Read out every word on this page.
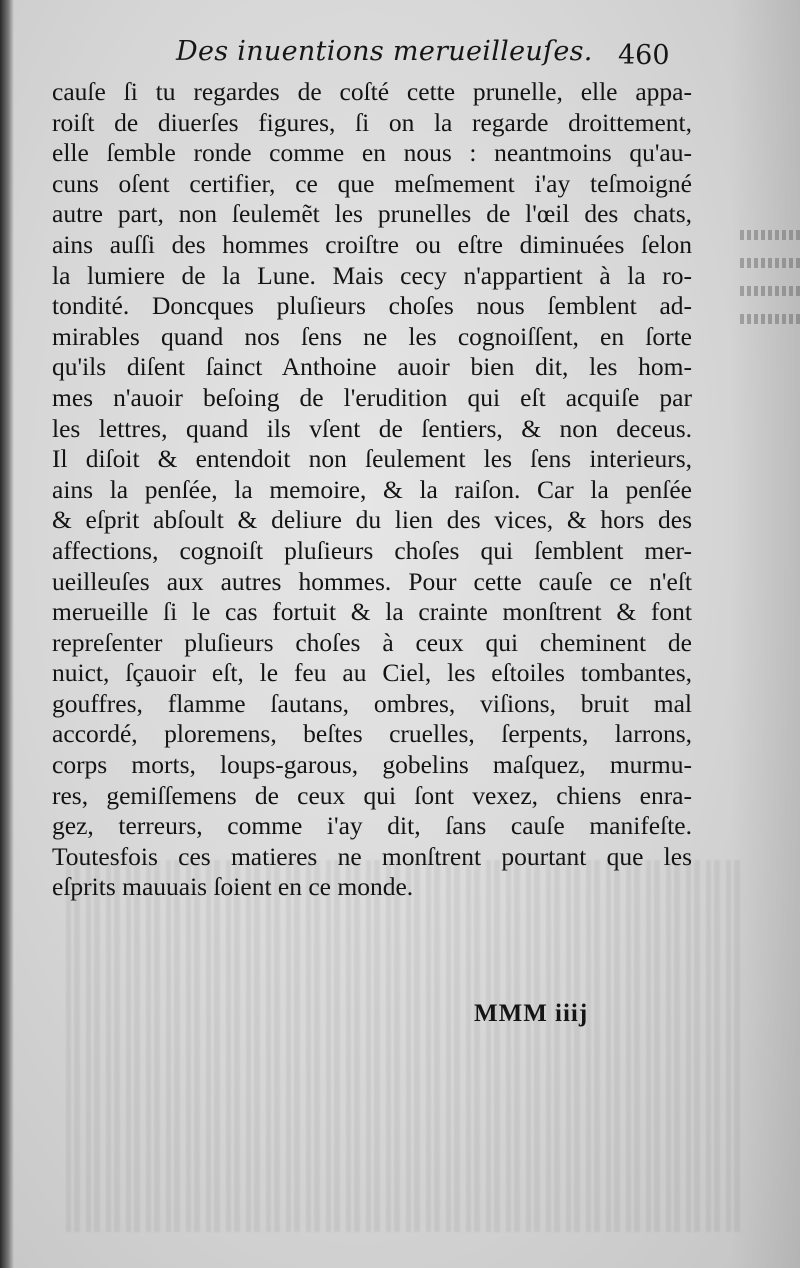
Des inuentions merueilleuſes. 460
cauſe ſi tu regardes de coſté cette prunelle, elle appa-
roiſt de diuerſes figures, ſi on la regarde droittement,
elle ſemble ronde comme en nous : neantmoins qu'au-
cuns oſent certifier, ce que meſmement i'ay teſmoigné
autre part, non ſeulemẽt les prunelles de l'œil des chats,
ains auſſi des hommes croiſtre ou eſtre diminuées ſelon
la lumiere de la Lune. Mais cecy n'appartient à la ro-
tondité. Doncques pluſieurs choſes nous ſemblent ad-
mirables quand nos ſens ne les cognoiſſent, en ſorte
qu'ils diſent ſainct Anthoine auoir bien dit, les hom-
mes n'auoir beſoing de l'erudition qui eſt acquiſe par
les lettres, quand ils vſent de ſentiers, & non deceus.
Il diſoit & entendoit non ſeulement les ſens interieurs,
ains la penſée, la memoire, & la raiſon. Car la penſée
& eſprit abſoult & deliure du lien des vices, & hors des
affections, cognoiſt pluſieurs choſes qui ſemblent mer-
ueilleuſes aux autres hommes. Pour cette cauſe ce n'eſt
merueille ſi le cas fortuit & la crainte monſtrent & font
repreſenter pluſieurs choſes à ceux qui cheminent de
nuict, ſçauoir eſt, le feu au Ciel, les eſtoiles tombantes,
gouffres, flamme ſautans, ombres, viſions, bruit mal
accordé, ploremens, beſtes cruelles, ſerpents, larrons,
corps morts, loups-garous, gobelins maſquez, murmu-
res, gemiſſemens de ceux qui ſont vexez, chiens enra-
gez, terreurs, comme i'ay dit, ſans cauſe manifeſte.
Toutesfois ces matieres ne monſtrent pourtant que les
eſprits mauuais ſoient en ce monde.
MMM iiij
